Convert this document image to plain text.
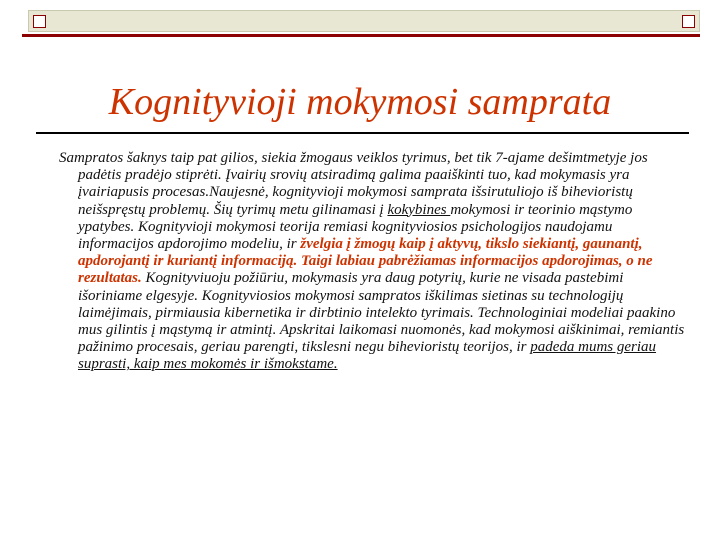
Kognityvioji mokymosi samprata

Sampratos šaknys taip pat gilios, siekia žmogaus veiklos tyrimus, bet tik 7-ajame dešimtmetyje jos padėtis pradėjo stiprėti. Įvairių srovių atsiradimą galima paaiškinti tuo, kad mokymasis yra įvairiapusis procesas.Naujesnė, kognityvioji mokymosi samprata išsirutuliojo iš bihevioristų neišspręstų problemų. Šių tyrimų metu gilinamasi į kokybines mokymosi ir teorinio mąstymo ypatybes. Kognityvioji mokymosi teorija remiasi kognityviosios psichologijos naudojamu informacijos apdorojimo modeliu, ir žvelgia į žmogų kaip į aktyvų, tikslo siekiantį, gaunantį, apdorojantį ir kuriantį informaciją. Taigi labiau pabrėžiamas informacijos apdorojimas, o ne rezultatas. Kognityviuoju požiūriu, mokymasis yra daug potyrių, kurie ne visada pastebimi išoriniame elgesyje. Kognityviosios mokymosi sampratos iškilimas sietinas su technologijų laimėjimais, pirmiausia kibernetika ir dirbtinio intelekto tyrimais. Technologiniai modeliai paakino mus gilintis į mąstymą ir atmintį. Apskritai laikomasi nuomonės, kad mokymosi aiškinimai, remiantis pažinimo procesais, geriau parengti, tikslesni negu bihevioristų teorijos, ir padeda mums geriau suprasti, kaip mes mokomės ir išmokstame.
